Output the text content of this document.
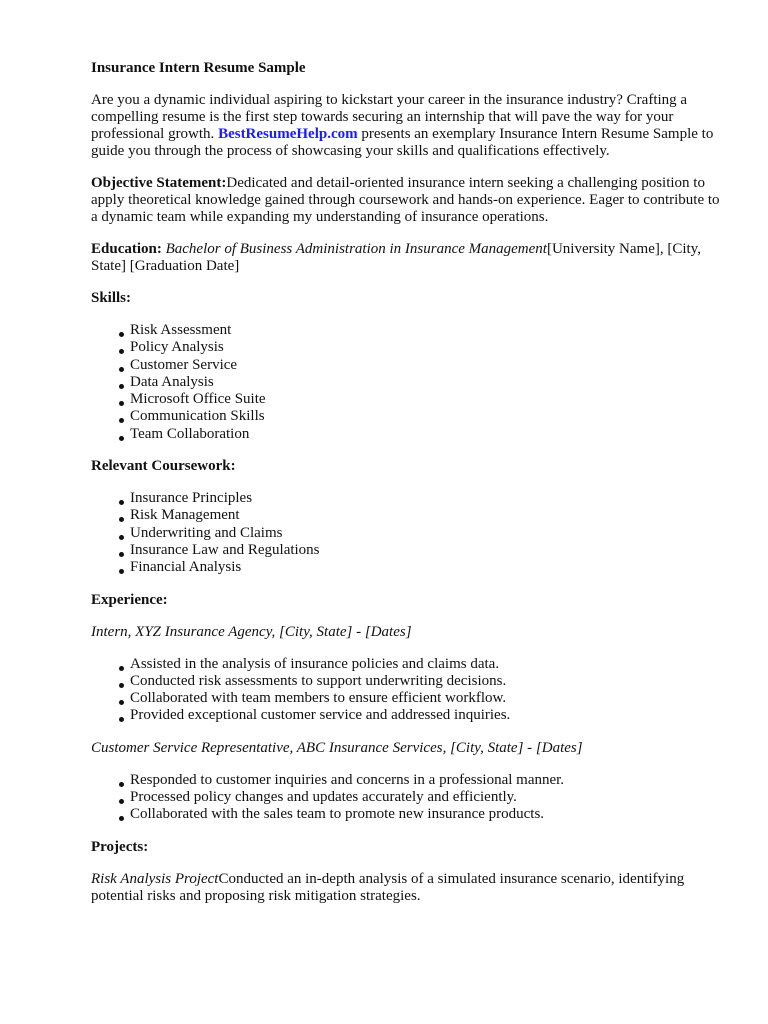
Insurance Intern Resume Sample

Are you a dynamic individual aspiring to kickstart your career in the insurance industry? Crafting a compelling resume is the first step towards securing an internship that will pave the way for your professional growth. BestResumeHelp.com presents an exemplary Insurance Intern Resume Sample to guide you through the process of showcasing your skills and qualifications effectively.

Objective Statement:Dedicated and detail-oriented insurance intern seeking a challenging position to apply theoretical knowledge gained through coursework and hands-on experience. Eager to contribute to a dynamic team while expanding my understanding of insurance operations.

Education: Bachelor of Business Administration in Insurance Management[University Name], [City, State] [Graduation Date]

Skills:
Risk Assessment
Policy Analysis
Customer Service
Data Analysis
Microsoft Office Suite
Communication Skills
Team Collaboration
Relevant Coursework:
Insurance Principles
Risk Management
Underwriting and Claims
Insurance Law and Regulations
Financial Analysis
Experience:
Intern, XYZ Insurance Agency, [City, State] - [Dates]
Assisted in the analysis of insurance policies and claims data.
Conducted risk assessments to support underwriting decisions.
Collaborated with team members to ensure efficient workflow.
Provided exceptional customer service and addressed inquiries.
Customer Service Representative, ABC Insurance Services, [City, State] - [Dates]
Responded to customer inquiries and concerns in a professional manner.
Processed policy changes and updates accurately and efficiently.
Collaborated with the sales team to promote new insurance products.
Projects:

Risk Analysis ProjectConducted an in-depth analysis of a simulated insurance scenario, identifying potential risks and proposing risk mitigation strategies.
